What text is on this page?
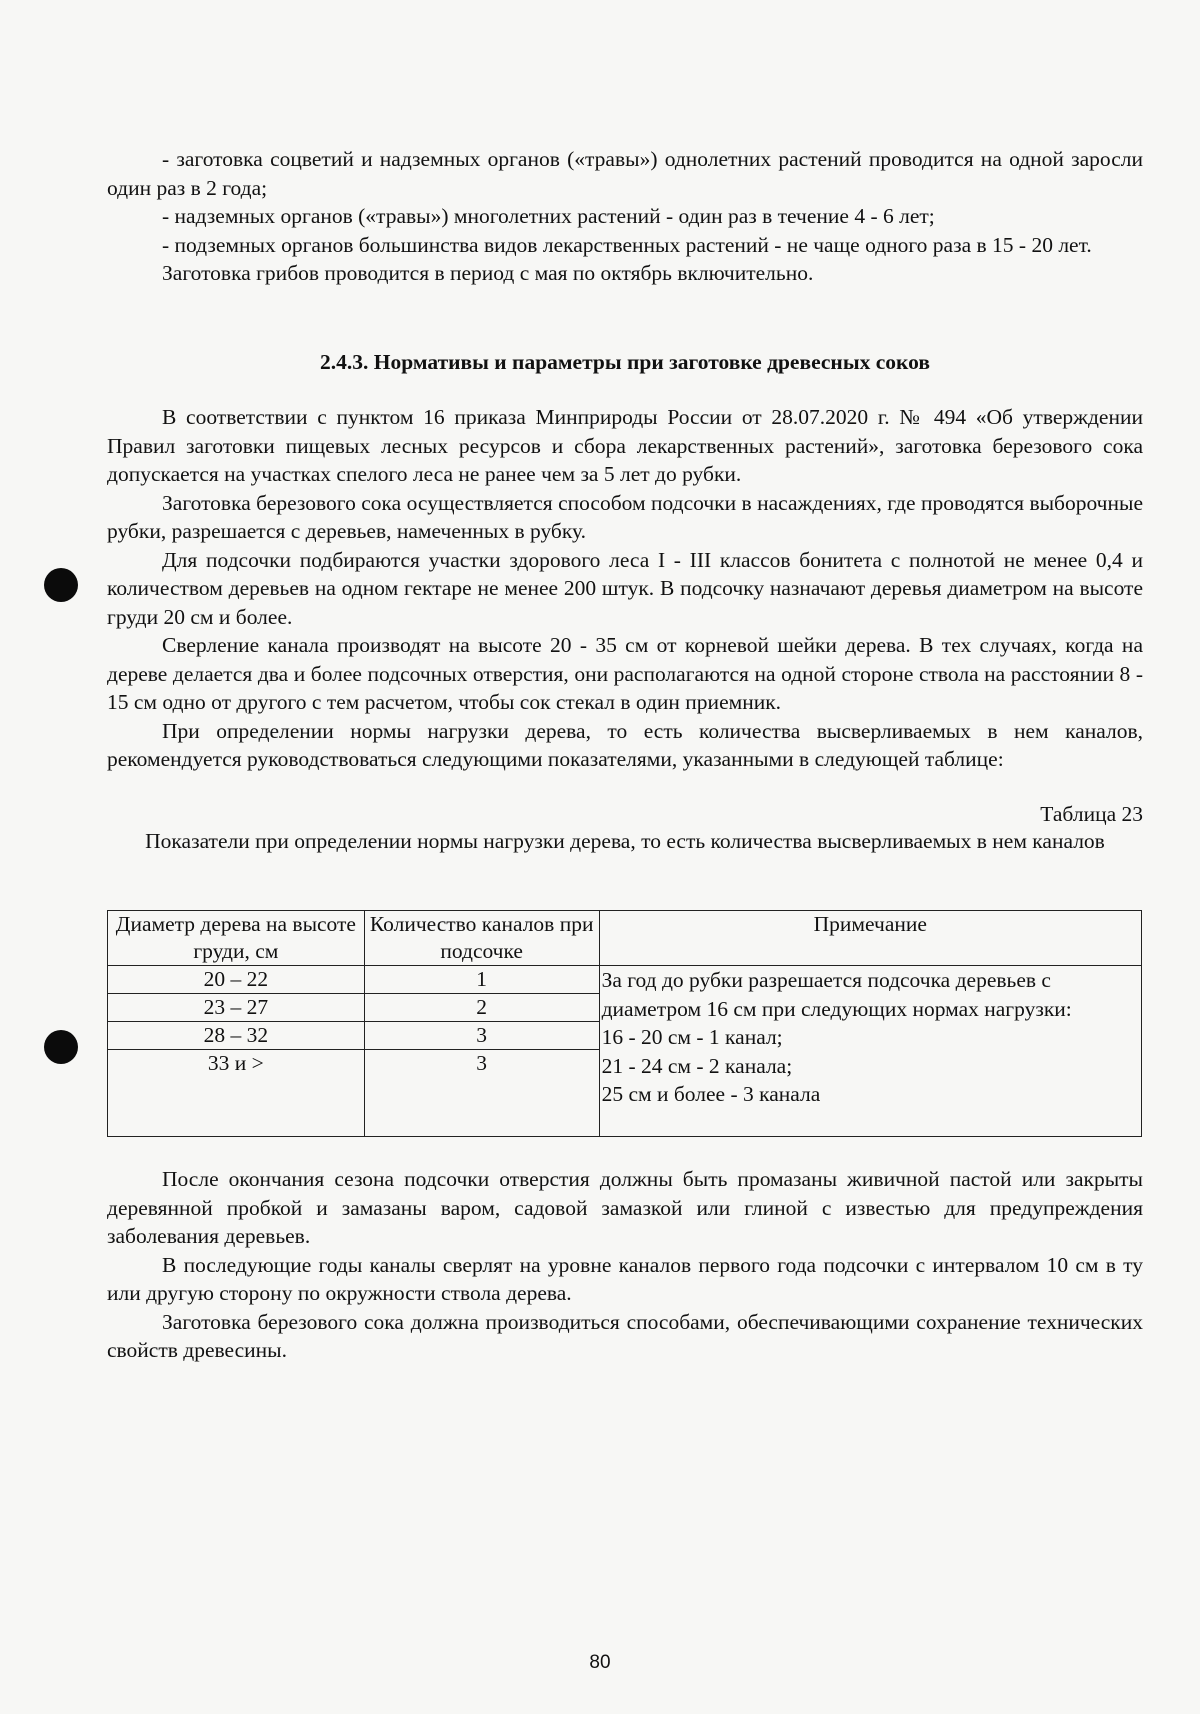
- заготовка соцветий и надземных органов («травы») однолетних растений проводится на одной заросли один раз в 2 года;

- надземных органов («травы») многолетних растений - один раз в течение 4 - 6 лет;

- подземных органов большинства видов лекарственных растений - не чаще одного раза в 15 - 20 лет.

Заготовка грибов проводится в период с мая по октябрь включительно.

2.4.3. Нормативы и параметры при заготовке древесных соков

В соответствии с пунктом 16 приказа Минприроды России от 28.07.2020 г. № 494 «Об утверждении Правил заготовки пищевых лесных ресурсов и сбора лекарственных растений», заготовка березового сока допускается на участках спелого леса не ранее чем за 5 лет до рубки.

Заготовка березового сока осуществляется способом подсочки в насаждениях, где проводятся выборочные рубки, разрешается с деревьев, намеченных в рубку.

Для подсочки подбираются участки здорового леса I - III классов бонитета с полнотой не менее 0,4 и количеством деревьев на одном гектаре не менее 200 штук. В подсочку назначают деревья диаметром на высоте груди 20 см и более.

Сверление канала производят на высоте 20 - 35 см от корневой шейки дерева. В тех случаях, когда на дереве делается два и более подсочных отверстия, они располагаются на одной стороне ствола на расстоянии 8 - 15 см одно от другого с тем расчетом, чтобы сок стекал в один приемник.

При определении нормы нагрузки дерева, то есть количества высверливаемых в нем каналов, рекомендуется руководствоваться следующими показателями, указанными в следующей таблице:

Таблица 23
Показатели при определении нормы нагрузки дерева, то есть количества высверливаемых в нем каналов
Диаметр дерева на высоте груди, см	Количество каналов при подсочке	Примечание
20 – 22	1	За год до рубки разрешается подсочка деревьев с диаметром 16 см при следующих нормах нагрузки:
16 - 20 см - 1 канал;
21 - 24 см - 2 канала;
25 см и более - 3 канала

23 – 27	2	
28 – 32	3	
33 и >	3	

После окончания сезона подсочки отверстия должны быть промазаны живичной пастой или закрыты деревянной пробкой и замазаны варом, садовой замазкой или глиной с известью для предупреждения заболевания деревьев.

В последующие годы каналы сверлят на уровне каналов первого года подсочки с интервалом 10 см в ту или другую сторону по окружности ствола дерева.

Заготовка березового сока должна производиться способами, обеспечивающими сохранение технических свойств древесины.

80
